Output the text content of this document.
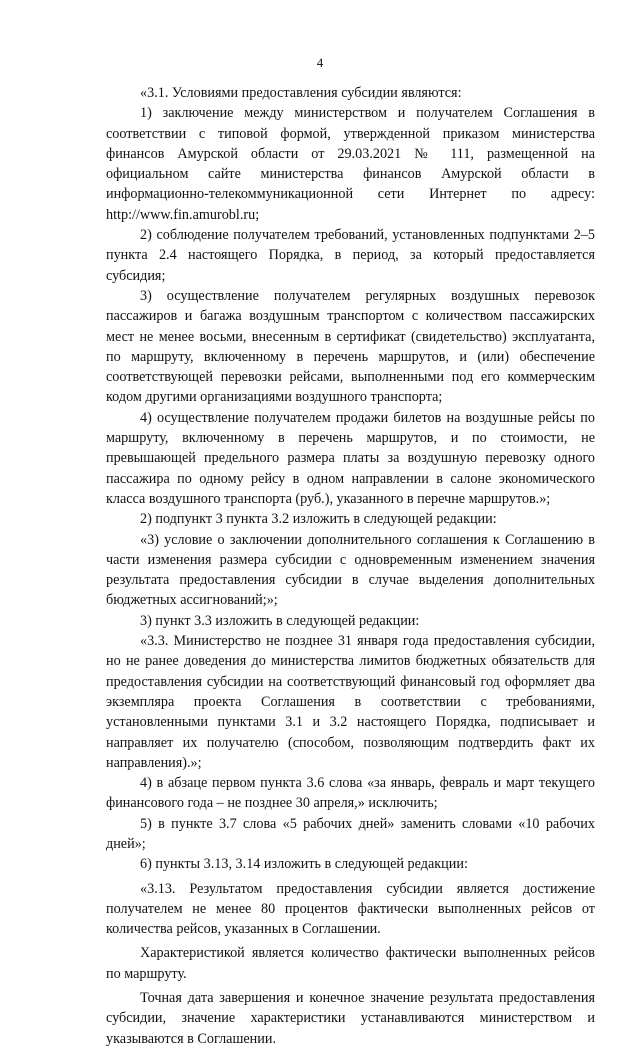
4

«3.1. Условиями предоставления субсидии являются:

1) заключение между министерством и получателем Соглашения в соответствии с типовой формой, утвержденной приказом министерства финансов Амурской области от 29.03.2021 № 111, размещенной на официальном сайте министерства финансов Амурской области в информационно-телекоммуникационной сети Интернет по адресу: http://www.fin.amurobl.ru;

2) соблюдение получателем требований, установленных подпунктами 2–5 пункта 2.4 настоящего Порядка, в период, за который предоставляется субсидия;

3) осуществление получателем регулярных воздушных перевозок пассажиров и багажа воздушным транспортом с количеством пассажирских мест не менее восьми, внесенным в сертификат (свидетельство) эксплуатанта, по маршруту, включенному в перечень маршрутов, и (или) обеспечение соответствующей перевозки рейсами, выполненными под его коммерческим кодом другими организациями воздушного транспорта;

4) осуществление получателем продажи билетов на воздушные рейсы по маршруту, включенному в перечень маршрутов, и по стоимости, не превышающей предельного размера платы за воздушную перевозку одного пассажира по одному рейсу в одном направлении в салоне экономического класса воздушного транспорта (руб.), указанного в перечне маршрутов.»;

2) подпункт 3 пункта 3.2 изложить в следующей редакции:

«3) условие о заключении дополнительного соглашения к Соглашению в части изменения размера субсидии с одновременным изменением значения результата предоставления субсидии в случае выделения дополнительных бюджетных ассигнований;»;

3) пункт 3.3 изложить в следующей редакции:

«3.3. Министерство не позднее 31 января года предоставления субсидии, но не ранее доведения до министерства лимитов бюджетных обязательств для предоставления субсидии на соответствующий финансовый год оформляет два экземпляра проекта Соглашения в соответствии с требованиями, установленными пунктами 3.1 и 3.2 настоящего Порядка, подписывает и направляет их получателю (способом, позволяющим подтвердить факт их направления).»;

4) в абзаце первом пункта 3.6 слова «за январь, февраль и март текущего финансового года – не позднее 30 апреля,» исключить;

5) в пункте 3.7 слова «5 рабочих дней» заменить словами «10 рабочих дней»;

6) пункты 3.13, 3.14 изложить в следующей редакции:

«3.13. Результатом предоставления субсидии является достижение получателем не менее 80 процентов фактически выполненных рейсов от количества рейсов, указанных в Соглашении.

Характеристикой является количество фактически выполненных рейсов по маршруту.

Точная дата завершения и конечное значение результата предоставления субсидии, значение характеристики устанавливаются министерством и указываются в Соглашении.
